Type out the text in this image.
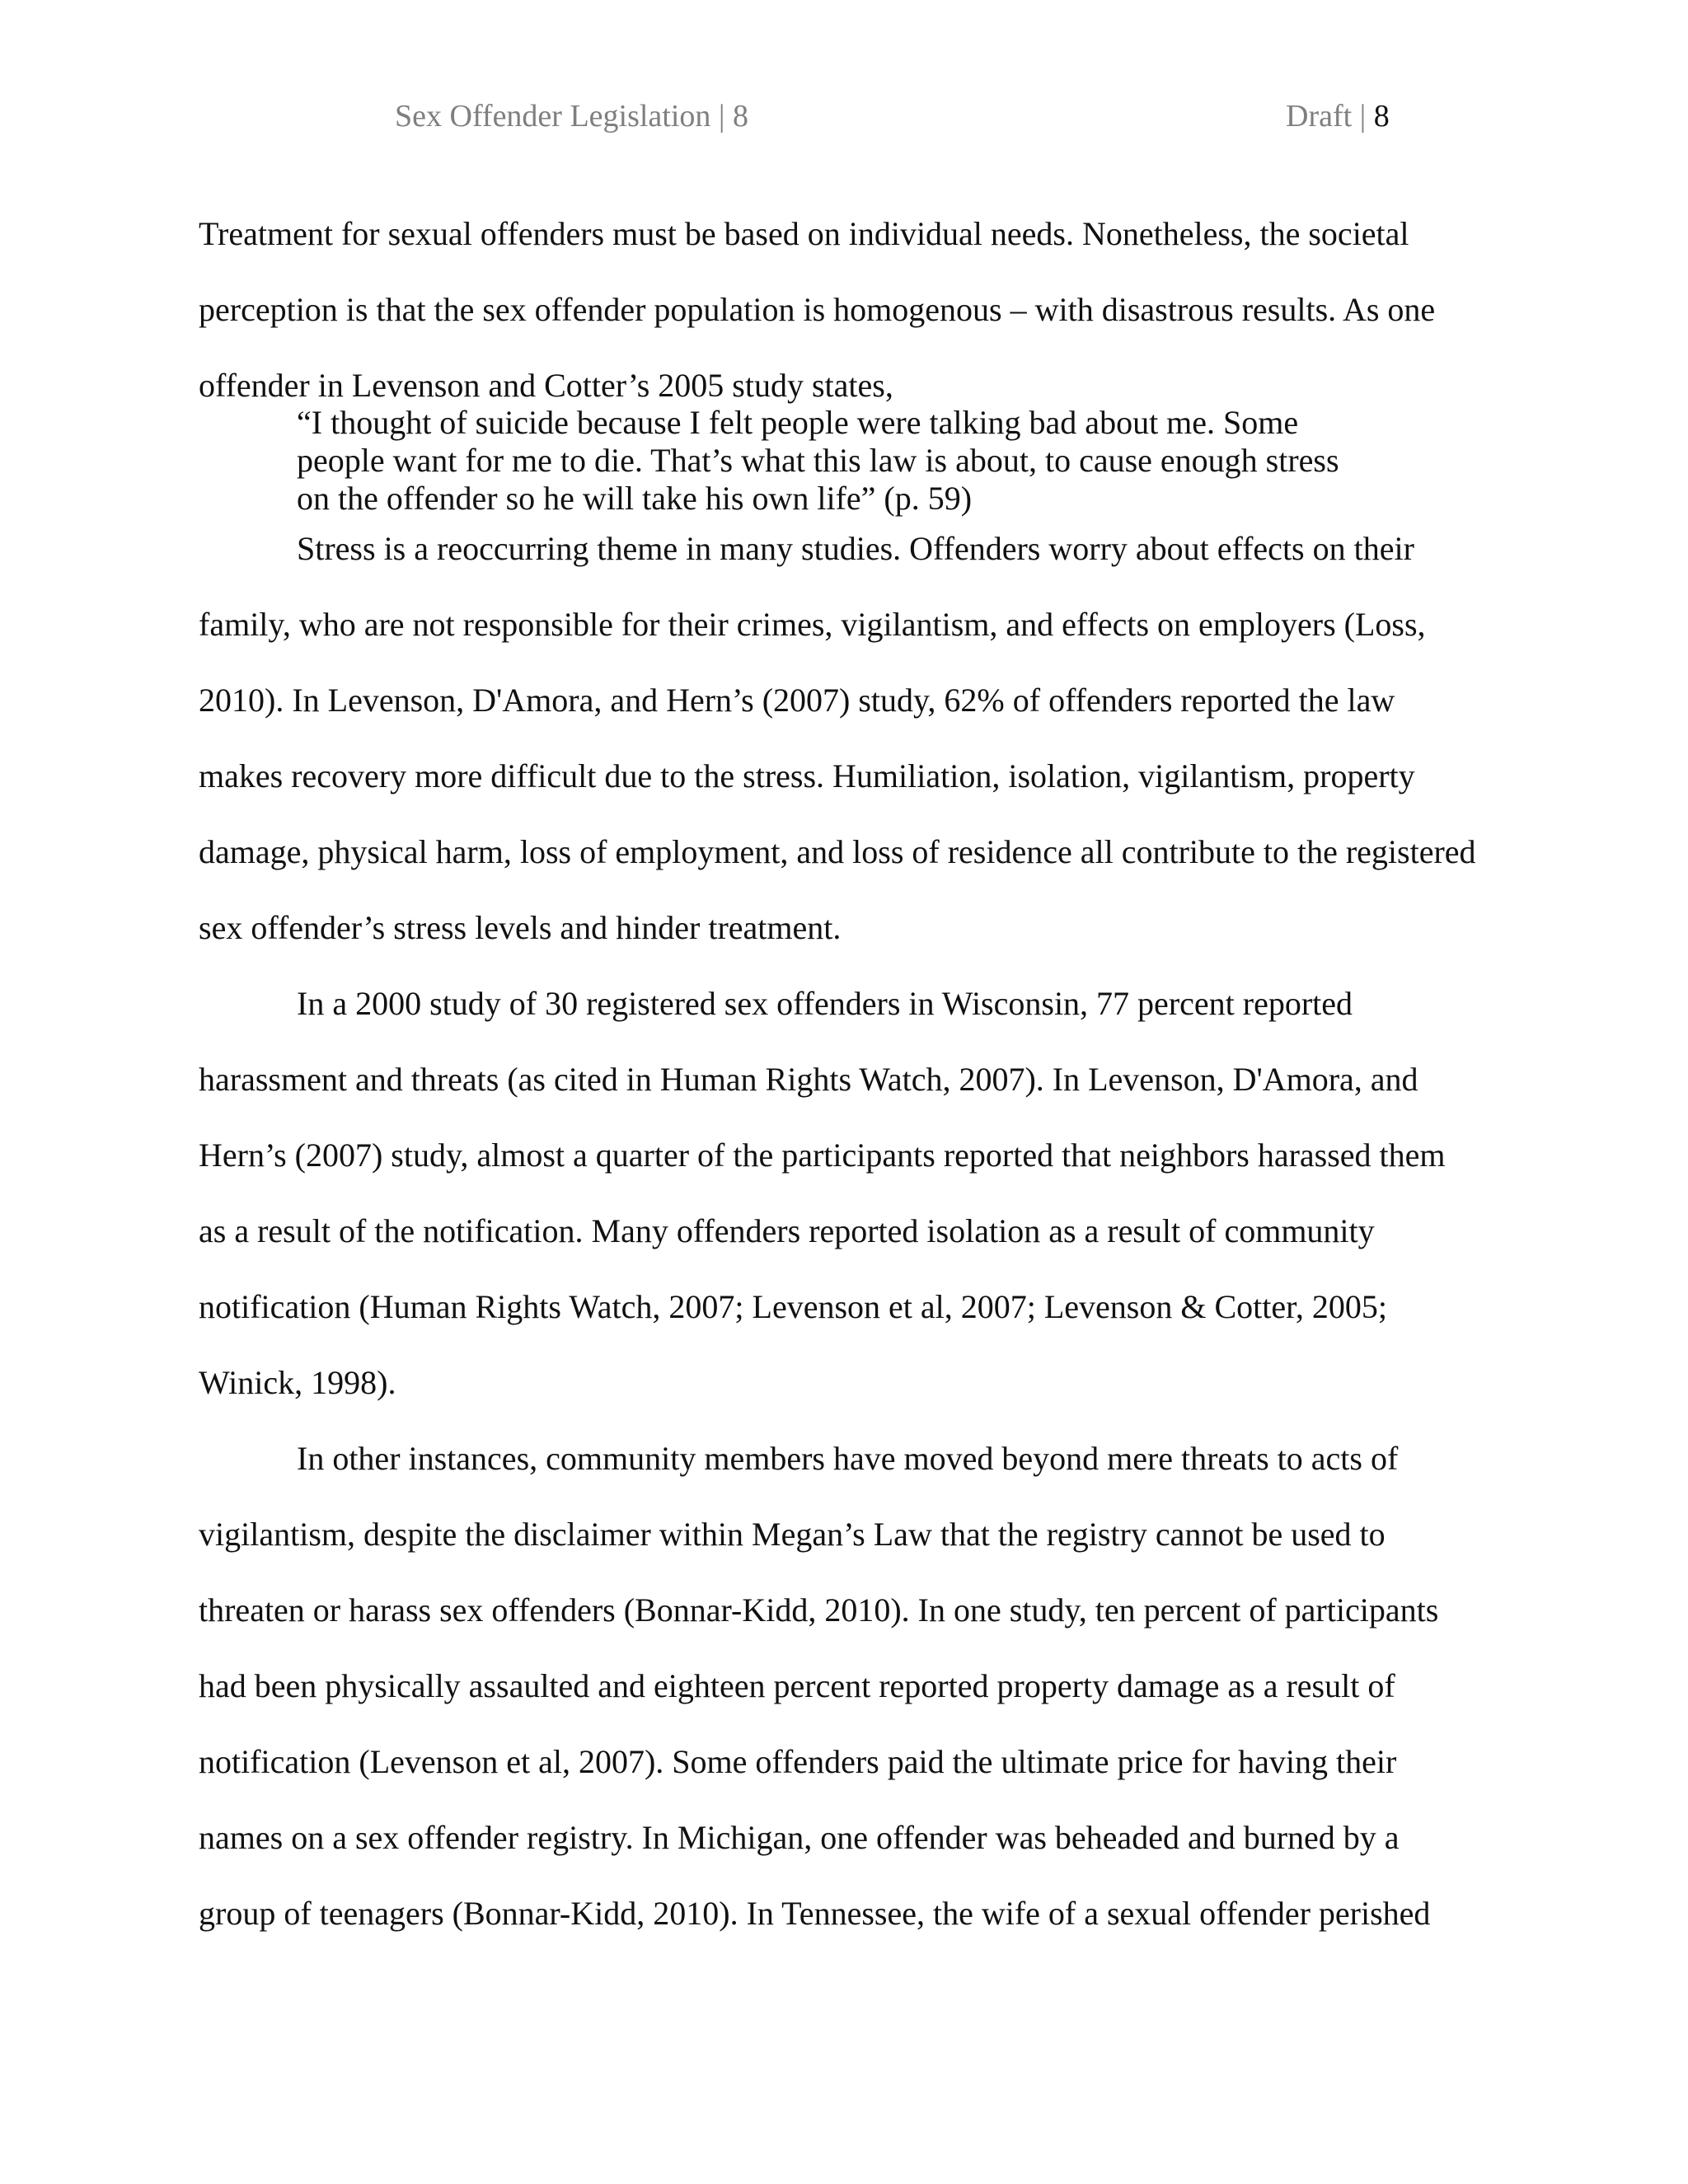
Sex Offender Legislation | 8	Draft | 8
Treatment for sexual offenders must be based on individual needs. Nonetheless, the societal
perception is that the sex offender population is homogenous – with disastrous results. As one
offender in Levenson and Cotter’s 2005 study states,
“I thought of suicide because I felt people were talking bad about me. Some
people want for me to die. That’s what this law is about, to cause enough stress
on the offender so he will take his own life” (p. 59)
Stress is a reoccurring theme in many studies. Offenders worry about effects on their
family, who are not responsible for their crimes, vigilantism, and effects on employers (Loss,
2010). In Levenson, D'Amora, and Hern’s (2007) study, 62% of offenders reported the law
makes recovery more difficult due to the stress. Humiliation, isolation, vigilantism, property
damage, physical harm, loss of employment, and loss of residence all contribute to the registered
sex offender’s stress levels and hinder treatment.
In a 2000 study of 30 registered sex offenders in Wisconsin, 77 percent reported
harassment and threats (as cited in Human Rights Watch, 2007). In Levenson, D'Amora, and
Hern’s (2007) study, almost a quarter of the participants reported that neighbors harassed them
as a result of the notification. Many offenders reported isolation as a result of community
notification (Human Rights Watch, 2007; Levenson et al, 2007; Levenson & Cotter, 2005;
Winick, 1998).
In other instances, community members have moved beyond mere threats to acts of
vigilantism, despite the disclaimer within Megan’s Law that the registry cannot be used to
threaten or harass sex offenders (Bonnar-Kidd, 2010). In one study, ten percent of participants
had been physically assaulted and eighteen percent reported property damage as a result of
notification (Levenson et al, 2007). Some offenders paid the ultimate price for having their
names on a sex offender registry. In Michigan, one offender was beheaded and burned by a
group of teenagers (Bonnar-Kidd, 2010). In Tennessee, the wife of a sexual offender perished
